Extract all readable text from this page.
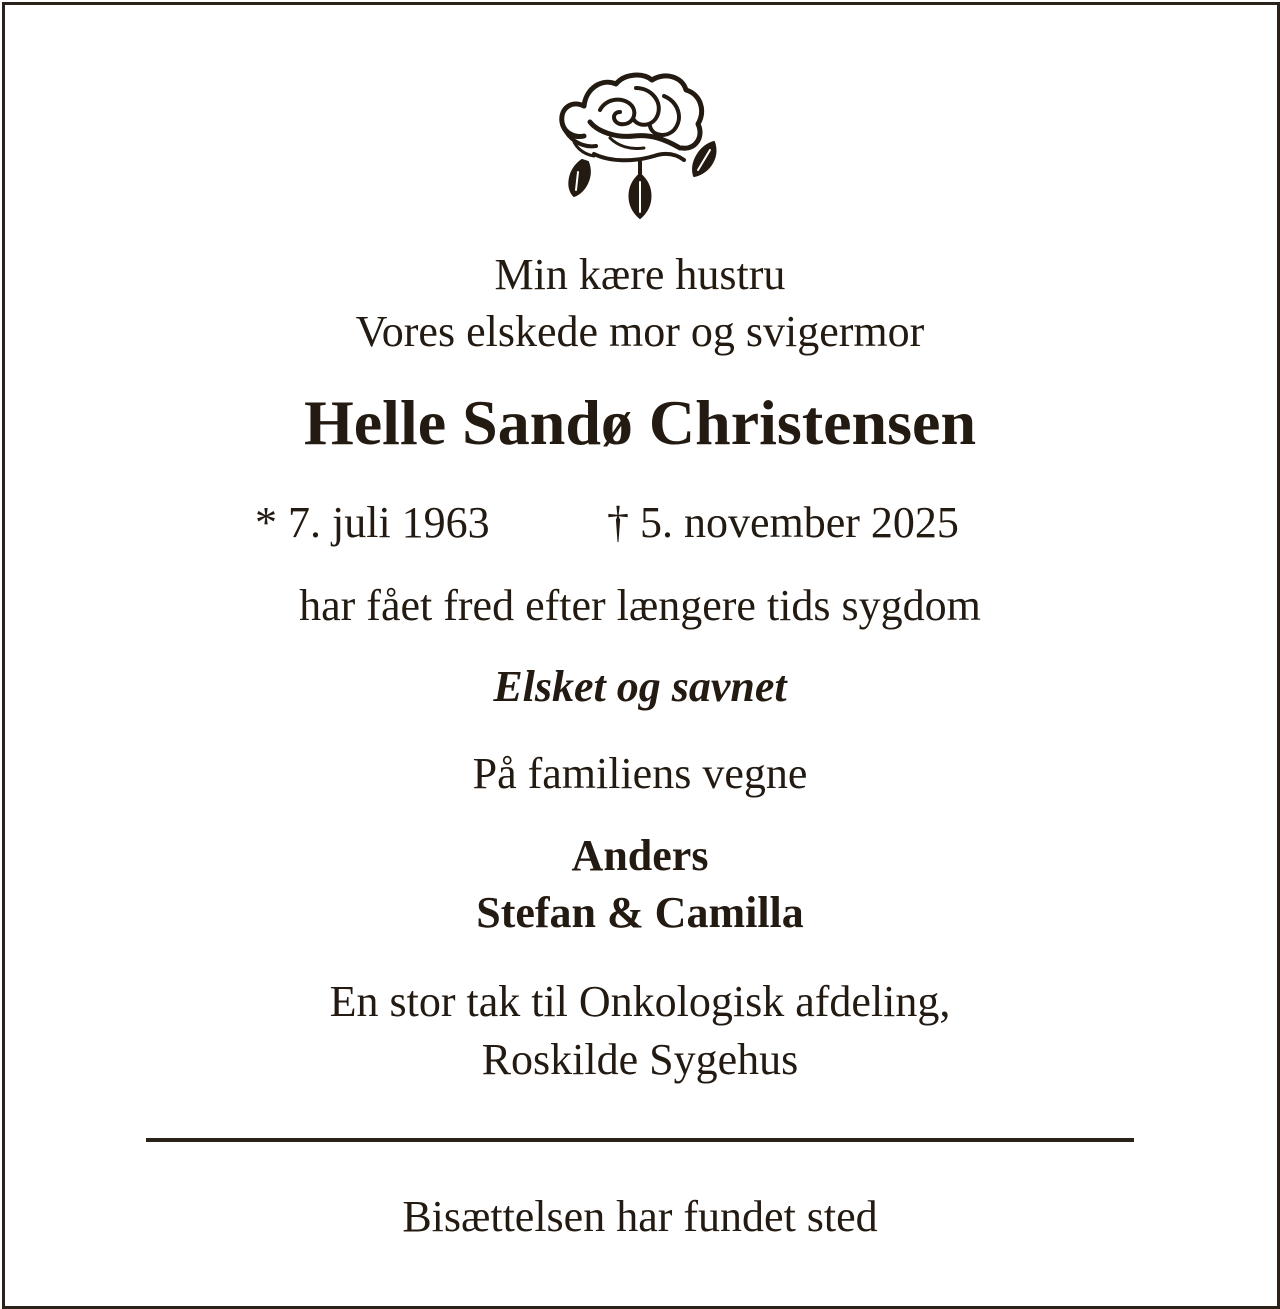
Min kære hustru
Vores elskede mor og svigermor
Helle Sandø Christensen
* 7. juli 1963	† 5. november 2025
har fået fred efter længere tids sygdom
Elsket og savnet
På familiens vegne
Anders
Stefan & Camilla
En stor tak til Onkologisk afdeling,
Roskilde Sygehus
Bisættelsen har fundet sted
